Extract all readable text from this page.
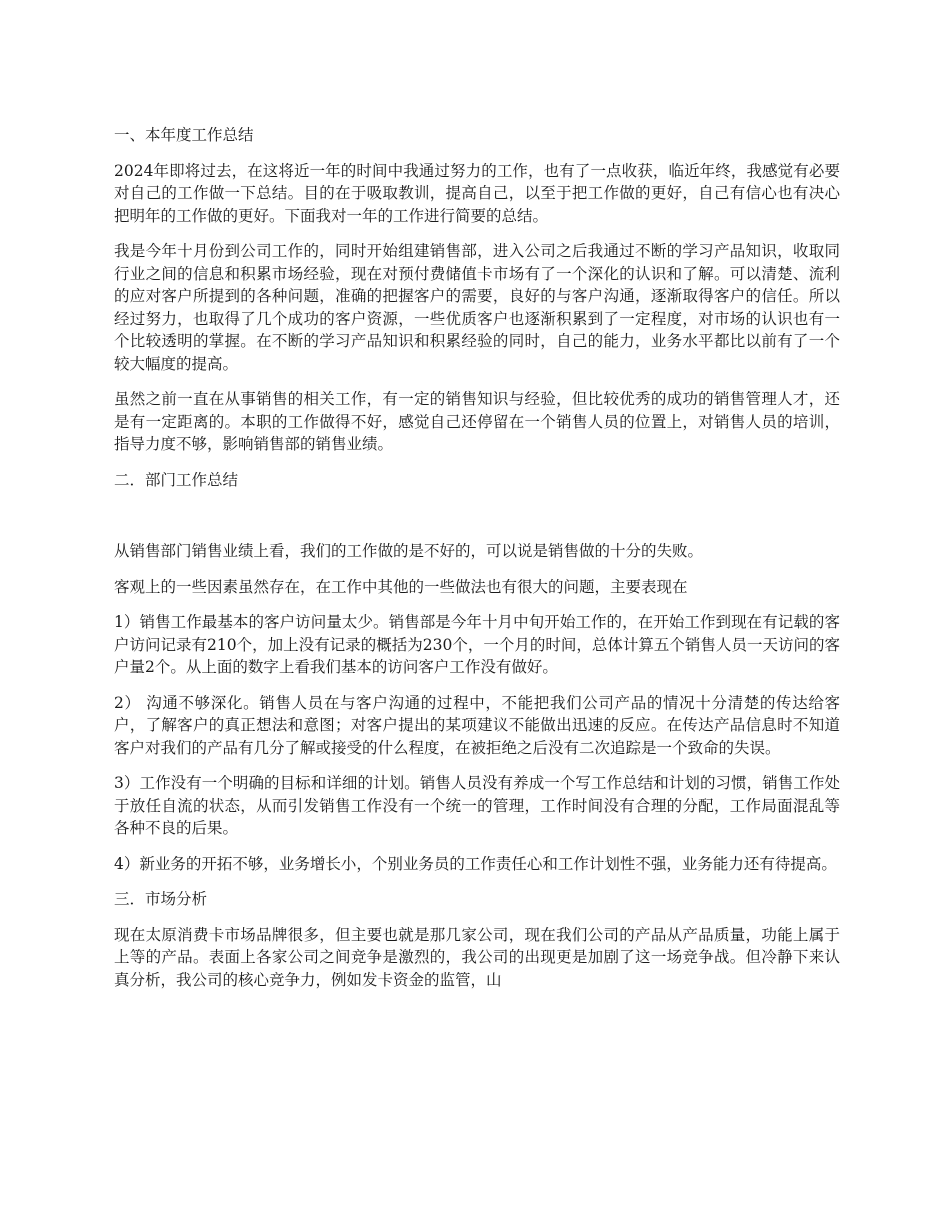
一、本年度工作总结

2024年即将过去，在这将近一年的时间中我通过努力的工作，也有了一点收获，临近年终，我感觉有必要对自己的工作做一下总结。目的在于吸取教训，提高自己，以至于把工作做的更好，自己有信心也有决心把明年的工作做的更好。下面我对一年的工作进行简要的总结。

我是今年十月份到公司工作的，同时开始组建销售部，进入公司之后我通过不断的学习产品知识，收取同行业之间的信息和积累市场经验，现在对预付费储值卡市场有了一个深化的认识和了解。可以清楚、流利的应对客户所提到的各种问题，准确的把握客户的需要，良好的与客户沟通，逐渐取得客户的信任。所以经过努力，也取得了几个成功的客户资源，一些优质客户也逐渐积累到了一定程度，对市场的认识也有一个比较透明的掌握。在不断的学习产品知识和积累经验的同时，自己的能力，业务水平都比以前有了一个较大幅度的提高。

虽然之前一直在从事销售的相关工作，有一定的销售知识与经验，但比较优秀的成功的销售管理人才，还是有一定距离的。本职的工作做得不好，感觉自己还停留在一个销售人员的位置上，对销售人员的培训，指导力度不够，影响销售部的销售业绩。

二．部门工作总结

从销售部门销售业绩上看，我们的工作做的是不好的，可以说是销售做的十分的失败。

客观上的一些因素虽然存在，在工作中其他的一些做法也有很大的问题，主要表现在

1）销售工作最基本的客户访问量太少。销售部是今年十月中旬开始工作的，在开始工作到现在有记载的客户访问记录有210个，加上没有记录的概括为230个，一个月的时间，总体计算五个销售人员一天访问的客户量2个。从上面的数字上看我们基本的访问客户工作没有做好。

2） 沟通不够深化。销售人员在与客户沟通的过程中，不能把我们公司产品的情况十分清楚的传达给客户，了解客户的真正想法和意图；对客户提出的某项建议不能做出迅速的反应。在传达产品信息时不知道客户对我们的产品有几分了解或接受的什么程度，在被拒绝之后没有二次追踪是一个致命的失误。

3）工作没有一个明确的目标和详细的计划。销售人员没有养成一个写工作总结和计划的习惯，销售工作处于放任自流的状态，从而引发销售工作没有一个统一的管理，工作时间没有合理的分配，工作局面混乱等各种不良的后果。

4）新业务的开拓不够，业务增长小，个别业务员的工作责任心和工作计划性不强，业务能力还有待提高。

三．市场分析

现在太原消费卡市场品牌很多，但主要也就是那几家公司，现在我们公司的产品从产品质量，功能上属于上等的产品。表面上各家公司之间竞争是激烈的，我公司的出现更是加剧了这一场竞争战。但冷静下来认真分析，我公司的核心竞争力，例如发卡资金的监管，山
